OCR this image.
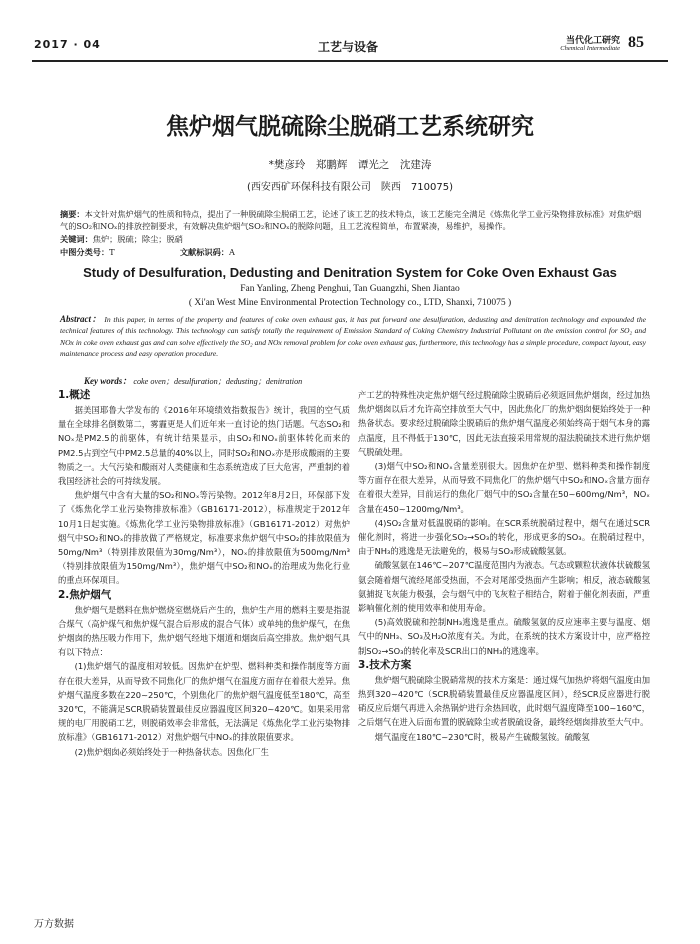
2017 · 04	工艺与设备	当代化工研究
Chemical Intermediate 85
焦炉烟气脱硫除尘脱硝工艺系统研究
*樊彦玲　郑鹏辉　谭光之　沈建涛
(西安西矿环保科技有限公司　陕西　710075)
摘要：本文针对焦炉烟气的性质和特点，提出了一种脱硫除尘脱硝工艺，论述了该工艺的技术特点，该工艺能完全满足《炼焦化学工业污染物排放标准》对焦炉烟气的SO₂和NOₓ的排放控制要求，有效解决焦炉烟气SO₂和NOₓ的脱除问题，且工艺流程简单，布置紧凑，易维护，易操作。
关键词：焦炉；脱硫；除尘；脱硝
中图分类号：T	文献标识码：A
Study of Desulfuration, Dedusting and Denitration System for Coke Oven Exhaust Gas
Fan Yanling, Zheng Penghui, Tan Guangzhi, Shen Jiantao
( Xi'an West Mine Environmental Protection Technology co., LTD, Shanxi, 710075 )
Abstract： In this paper, in terms of the property and features of coke oven exhaust gas, it has put forward one desulfuration, dedusting and denitration technology and expounded the technical features of this technology. This technology can satisfy totally the requirement of Emission Standard of Coking Chemistry Industrial Pollutant on the emission control for SO₂ and NOx in coke oven exhaust gas and can solve effectively the SO₂ and NOx removal problem for coke oven exhaust gas, furthermore, this technology has a simple procedure, compact layout, easy maintenance process and easy operation procedure.
Key words： coke oven；desulfuration；dedusting；denitration
1.概述

据美国耶鲁大学发布的《2016年环境绩效指数报告》统计，我国的空气质量在全球排名倒数第二，雾霾更是人们近年来一直讨论的热门话题。气态SO₂和NOₓ是PM2.5的前驱体，有统计结果显示，由SO₂和NOₓ前驱体转化而来的PM2.5占到空气中PM2.5总量的40%以上，同时SO₂和NOₓ亦是形成酸雨的主要物质之一。大气污染和酸雨对人类健康和生态系统造成了巨大危害，严重制约着我国经济社会的可持续发展。

焦炉烟气中含有大量的SO₂和NOₓ等污染物。2012年8月2日，环保部下发了《炼焦化学工业污染物排放标准》（GB16171-2012），标准规定于2012年10月1日起实施。《炼焦化学工业污染物排放标准》（GB16171-2012）对焦炉烟气中SO₂和NOₓ的排放做了严格规定，标准要求焦炉烟气中SO₂的排放限值为50mg/Nm³（特别排放限值为30mg/Nm³），NOₓ的排放限值为500mg/Nm³（特别排放限值为150mg/Nm³），焦炉烟气中SO₂和NOₓ的治理成为焦化行业的重点环保项目。

2.焦炉烟气

焦炉烟气是燃料在焦炉燃烧室燃烧后产生的，焦炉生产用的燃料主要是指混合煤气（高炉煤气和焦炉煤气混合后形成的混合气体）或单纯的焦炉煤气，在焦炉烟囱的热压吸力作用下，焦炉烟气经地下烟道和烟囱后高空排放。焦炉烟气具有以下特点：

(1)焦炉烟气的温度相对较低。因焦炉在炉型、燃料种类和操作制度等方面存在很大差异，从而导致不同焦化厂的焦炉烟气在温度方面存在着很大差异。焦炉烟气温度多数在220~250℃，个别焦化厂的焦炉烟气温度低至180℃，高至320℃，不能满足SCR脱硝装置最佳反应器温度区间320~420℃。如果采用常规的电厂用脱硝工艺，则脱硝效率会非常低，无法满足《炼焦化学工业污染物排放标准》（GB16171-2012）对焦炉烟气中NOₓ的排放限值要求。

(2)焦炉烟囱必须始终处于一种热备状态。因焦化厂生

产工艺的特殊性决定焦炉烟气经过脱硫除尘脱硝后必须返回焦炉烟囱，经过加热焦炉烟囱以后才允许高空排放至大气中，因此焦化厂的焦炉烟囱便始终处于一种热备状态。要求经过脱硫除尘脱硝后的焦炉烟气温度必须始终高于烟气本身的露点温度，且不得低于130℃，因此无法直接采用常规的湿法脱硫技术进行焦炉烟气脱硫处理。

(3)烟气中SO₂和NOₓ含量差别很大。因焦炉在炉型、燃料种类和操作制度等方面存在很大差异，从而导致不同焦化厂的焦炉烟气中SO₂和NOₓ含量方面存在着很大差异，目前运行的焦化厂烟气中的SO₂含量在50~600mg/Nm³，NOₓ含量在450~1200mg/Nm³。

(4)SO₂含量对低温脱硝的影响。在SCR系统脱硝过程中，烟气在通过SCR催化剂时，将进一步强化SO₂→SO₃的转化，形成更多的SO₃。在脱硝过程中，由于NH₃的逃逸是无法避免的，极易与SO₃形成硫酸氢氨。

硫酸氢氨在146℃~207℃温度范围内为液态。气态或颗粒状液体状硫酸氢氨会随着烟气流经尾部受热面，不会对尾部受热面产生影响；相反，液态硫酸氢氨捕捉飞灰能力极强，会与烟气中的飞灰粒子相结合，附着于催化剂表面，严重影响催化剂的使用效率和使用寿命。

(5)高效脱硫和控制NH₃逃逸是重点。硫酸氢氨的反应速率主要与温度、烟气中的NH₃、SO₃及H₂O浓度有关。为此，在系统的技术方案设计中，应严格控制SO₂→SO₃的转化率及SCR出口的NH₃的逃逸率。

3.技术方案

焦炉烟气脱硫除尘脱硝常规的技术方案是：通过煤气加热炉将烟气温度由加热到320~420℃（SCR脱硝装置最佳反应器温度区间），经SCR反应器进行脱硝反应后烟气再进入余热锅炉进行余热回收，此时烟气温度降至100~160℃，之后烟气在进入后面布置的脱硫除尘或者脱硫设备，最终经烟囱排放至大气中。

烟气温度在180℃~230℃时，极易产生硫酸氢铵。硫酸氢

万方数据
